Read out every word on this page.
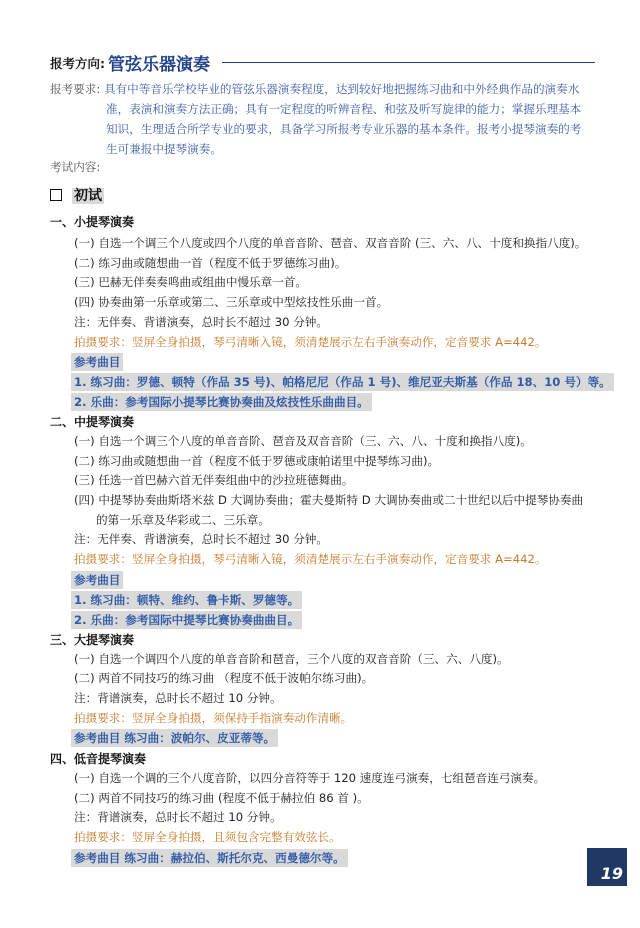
报考方向: 管弦乐器演奏
报考要求: 具有中等音乐学校毕业的管弦乐器演奏程度，达到较好地把握练习曲和中外经典作品的演奏水
准，表演和演奏方法正确；具有一定程度的听辨音程、和弦及听写旋律的能力；掌握乐理基本
知识，生理适合所学专业的要求，具备学习所报考专业乐器的基本条件。报考小提琴演奏的考
生可兼报中提琴演奏。
考试内容:
初试
一、小提琴演奏
(一) 自选一个调三个八度或四个八度的单音音阶、琶音、双音音阶 (三、六、八、十度和换指八度)。
(二) 练习曲或随想曲一首（程度不低于罗德练习曲)。
(三) 巴赫无伴奏奏鸣曲或组曲中慢乐章一首。
(四) 协奏曲第一乐章或第二、三乐章或中型炫技性乐曲一首。
注：无伴奏、背谱演奏，总时长不超过 30 分钟。
拍摄要求：竖屏全身拍摄，琴弓清晰入镜，须清楚展示左右手演奏动作，定音要求 A=442。
参考曲目
1. 练习曲：罗德、顿特（作品 35 号)、帕格尼尼（作品 1 号)、维尼亚夫斯基（作品 18、10 号）等。
2. 乐曲：参考国际小提琴比赛协奏曲及炫技性乐曲曲目。
二、中提琴演奏
(一) 自选一个调三个八度的单音音阶、琶音及双音音阶（三、六、八、十度和换指八度)。
(二) 练习曲或随想曲一首（程度不低于罗德或康帕诺里中提琴练习曲)。
(三) 任选一首巴赫六首无伴奏组曲中的沙拉班德舞曲。
(四) 中提琴协奏曲斯塔米兹 D 大调协奏曲；霍夫曼斯特 D 大调协奏曲或二十世纪以后中提琴协奏曲
的第一乐章及华彩或二、三乐章。
注：无伴奏、背谱演奏，总时长不超过 30 分钟。
拍摄要求：竖屏全身拍摄，琴弓清晰入镜，须清楚展示左右手演奏动作，定音要求 A=442。
参考曲目
1. 练习曲：顿特、维约、鲁卡斯、罗德等。
2. 乐曲：参考国际中提琴比赛协奏曲曲目。
三、大提琴演奏
(一) 自选一个调四个八度的单音音阶和琶音，三个八度的双音音阶（三、六、八度)。
(二) 两首不同技巧的练习曲 （程度不低于波帕尔练习曲)。
注：背谱演奏，总时长不超过 10 分钟。
拍摄要求：竖屏全身拍摄，须保持手指演奏动作清晰。
参考曲目 练习曲：波帕尔、皮亚蒂等。
四、低音提琴演奏
(一) 自选一个调的三个八度音阶，以四分音符等于 120 速度连弓演奏，七组琶音连弓演奏。
(二) 两首不同技巧的练习曲 (程度不低于赫拉伯 86 首 )。
注：背谱演奏，总时长不超过 10 分钟。
拍摄要求：竖屏全身拍摄，且须包含完整有效弦长。
参考曲目 练习曲：赫拉伯、斯托尔克、西曼德尔等。
19
